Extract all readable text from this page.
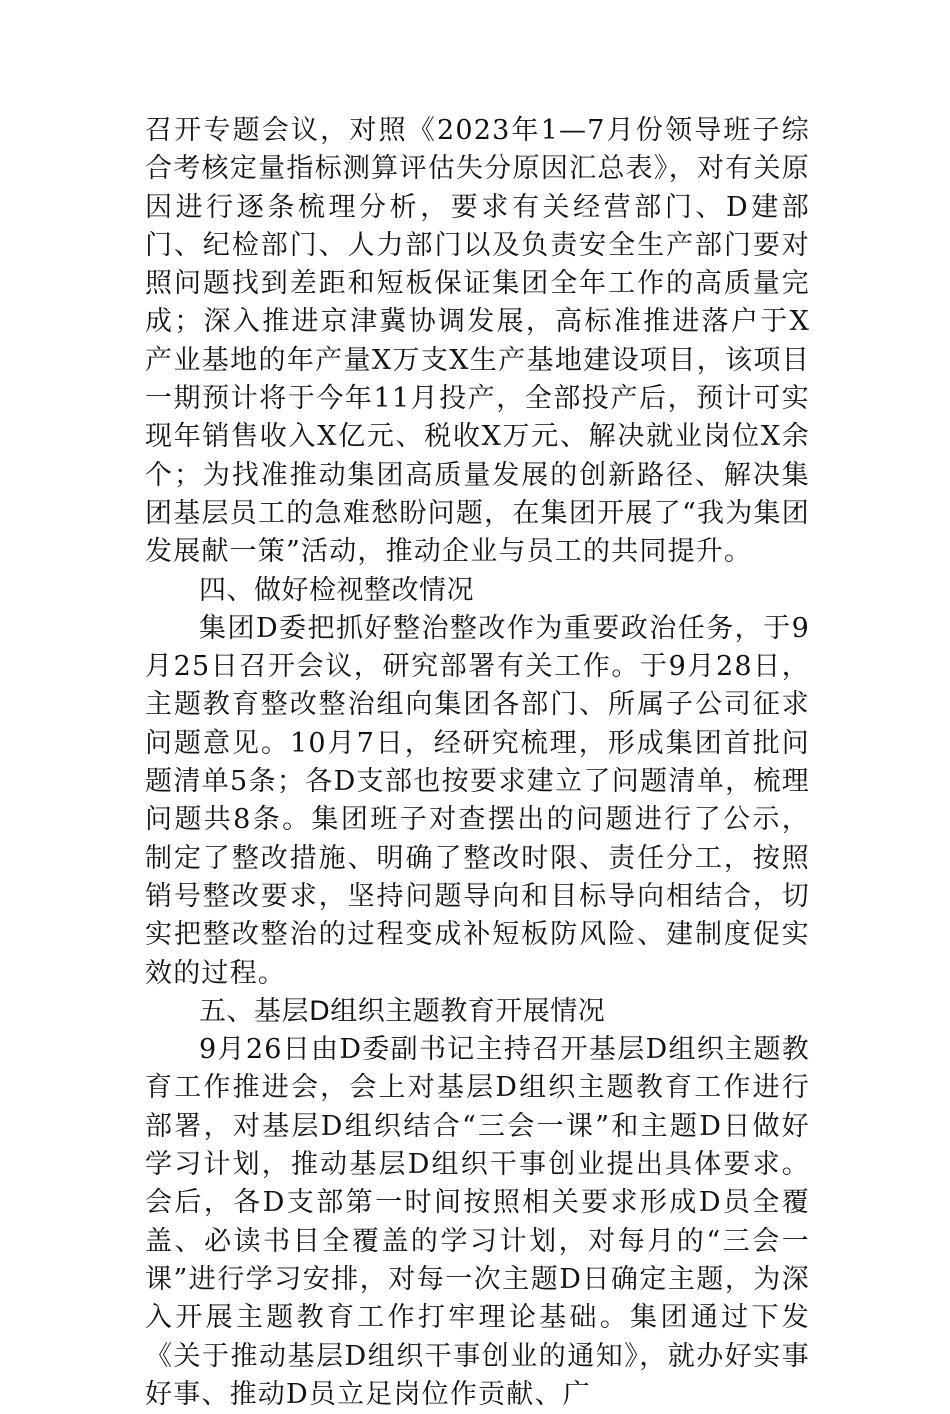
召开专题会议，对照《2023年1—7月份领导班子综合考核定量指标测算评估失分原因汇总表》，对有关原因进行逐条梳理分析，要求有关经营部门、D建部门、纪检部门、人力部门以及负责安全生产部门要对照问题找到差距和短板保证集团全年工作的高质量完成；深入推进京津冀协调发展，高标准推进落户于X产业基地的年产量X万支X生产基地建设项目，该项目一期预计将于今年11月投产，全部投产后，预计可实现年销售收入X亿元、税收X万元、解决就业岗位X余个；为找准推动集团高质量发展的创新路径、解决集团基层员工的急难愁盼问题，在集团开展了“我为集团发展献一策”活动，推动企业与员工的共同提升。

四、做好检视整改情况

集团D委把抓好整治整改作为重要政治任务，于9月25日召开会议，研究部署有关工作。于9月28日，主题教育整改整治组向集团各部门、所属子公司征求问题意见。10月7日，经研究梳理，形成集团首批问题清单5条；各D支部也按要求建立了问题清单，梳理问题共8条。集团班子对查摆出的问题进行了公示，制定了整改措施、明确了整改时限、责任分工，按照销号整改要求，坚持问题导向和目标导向相结合，切实把整改整治的过程变成补短板防风险、建制度促实效的过程。

五、基层D组织主题教育开展情况

9月26日由D委副书记主持召开基层D组织主题教育工作推进会，会上对基层D组织主题教育工作进行部署，对基层D组织结合“三会一课”和主题D日做好学习计划，推动基层D组织干事创业提出具体要求。会后，各D支部第一时间按照相关要求形成D员全覆盖、必读书目全覆盖的学习计划，对每月的“三会一课”进行学习安排，对每一次主题D日确定主题，为深入开展主题教育工作打牢理论基础。集团通过下发《关于推动基层D组织干事创业的通知》，就办好实事好事、推动D员立足岗位作贡献、广
